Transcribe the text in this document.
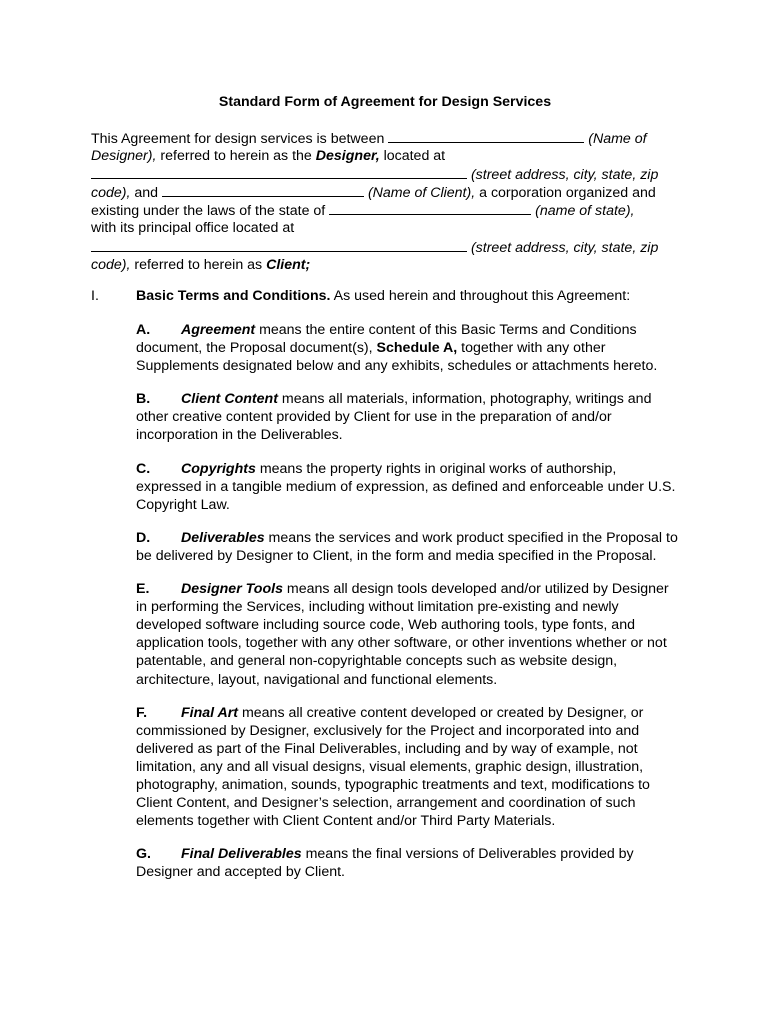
Standard Form of Agreement for Design Services
This Agreement for design services is between	(Name of
Designer), referred to herein as the Designer, located at
(street address, city, state, zip
code), and	(Name of Client), a corporation organized and
existing under the laws of the state of	(name of state),
with its principal office located at
(street address, city, state, zip
code), referred to herein as Client;
I.	Basic Terms and Conditions. As used herein and throughout this Agreement:

A. Agreement means the entire content of this Basic Terms and Conditions document, the Proposal document(s), Schedule A, together with any other Supplements designated below and any exhibits, schedules or attachments hereto.

B. Client Content means all materials, information, photography, writings and other creative content provided by Client for use in the preparation of and/or incorporation in the Deliverables.

C. Copyrights means the property rights in original works of authorship, expressed in a tangible medium of expression, as defined and enforceable under U.S. Copyright Law.

D. Deliverables means the services and work product specified in the Proposal to be delivered by Designer to Client, in the form and media specified in the Proposal.

E. Designer Tools means all design tools developed and/or utilized by Designer in performing the Services, including without limitation pre-existing and newly developed software including source code, Web authoring tools, type fonts, and application tools, together with any other software, or other inventions whether or not patentable, and general non-copyrightable concepts such as website design, architecture, layout, navigational and functional elements.

F. Final Art means all creative content developed or created by Designer, or commissioned by Designer, exclusively for the Project and incorporated into and delivered as part of the Final Deliverables, including and by way of example, not limitation, any and all visual designs, visual elements, graphic design, illustration, photography, animation, sounds, typographic treatments and text, modifications to Client Content, and Designer’s selection, arrangement and coordination of such elements together with Client Content and/or Third Party Materials.

G. Final Deliverables means the final versions of Deliverables provided by Designer and accepted by Client.
